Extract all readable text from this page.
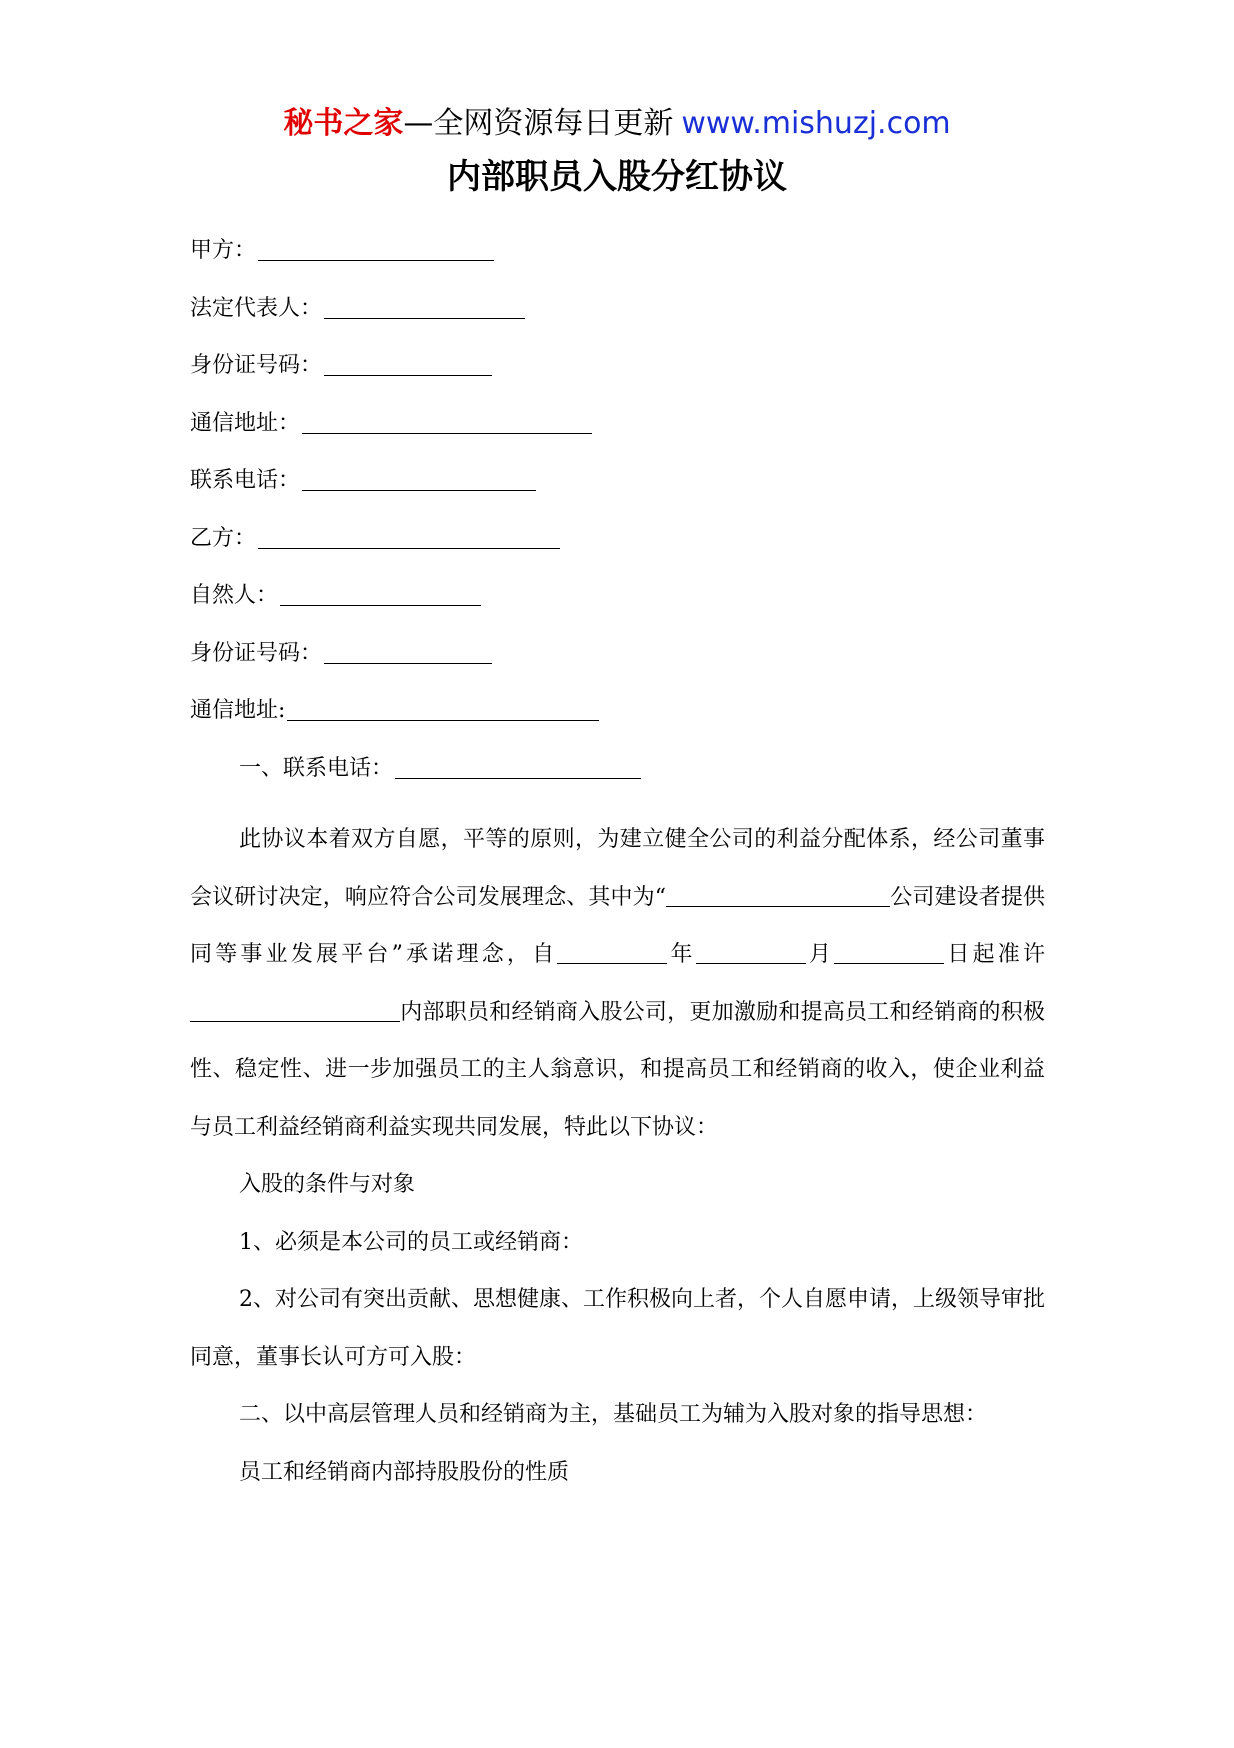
秘书之家—全网资源每日更新 www.mishuzj.com
内部职员入股分红协议
甲方：
法定代表人：
身份证号码：
通信地址：
联系电话：
乙方：
自然人：
身份证号码：
通信地址:
一、联系电话：

此协议本着双方自愿，平等的原则，为建立健全公司的利益分配体系，经公司董事会议研讨决定，响应符合公司发展理念、其中为“	公司建设者提供同等事业发展平台”承诺理念，自	年	月	日起准许内部职员和经销商入股公司，更加激励和提高员工和经销商的积极性、稳定性、进一步加强员工的主人翁意识，和提高员工和经销商的收入，使企业利益与员工利益经销商利益实现共同发展，特此以下协议：

入股的条件与对象

1、必须是本公司的员工或经销商：

2、对公司有突出贡献、思想健康、工作积极向上者，个人自愿申请，上级领导审批同意，董事长认可方可入股：

二、以中高层管理人员和经销商为主，基础员工为辅为入股对象的指导思想：

员工和经销商内部持股股份的性质
